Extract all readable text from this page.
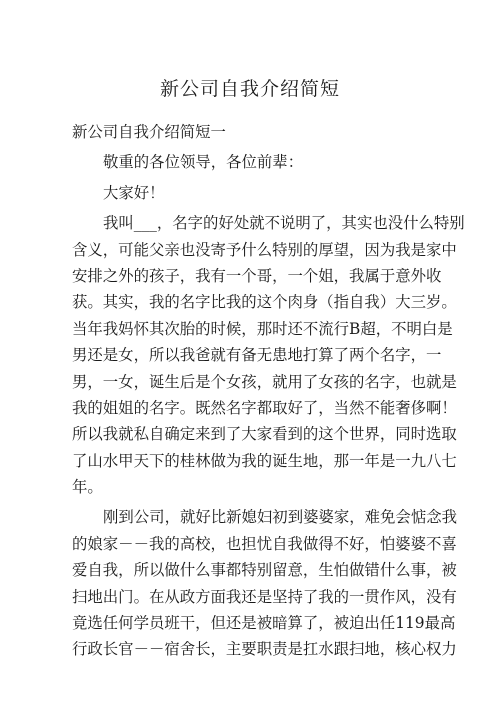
新公司自我介绍简短
新公司自我介绍简短一
敬重的各位领导，各位前辈：
大家好！
我叫___，名字的好处就不说明了，其实也没什么特别
含义，可能父亲也没寄予什么特别的厚望，因为我是家中
安排之外的孩子，我有一个哥，一个姐，我属于意外收
获。其实，我的名字比我的这个肉身（指自我）大三岁。
当年我妈怀其次胎的时候，那时还不流行B超，不明白是
男还是女，所以我爸就有备无患地打算了两个名字，一
男，一女，诞生后是个女孩，就用了女孩的名字，也就是
我的姐姐的名字。既然名字都取好了，当然不能奢侈啊！
所以我就私自确定来到了大家看到的这个世界，同时选取
了山水甲天下的桂林做为我的诞生地，那一年是一九八七
年。
刚到公司，就好比新媳妇初到婆婆家，难免会惦念我
的娘家－－我的高校，也担忧自我做得不好，怕婆婆不喜
爱自我，所以做什么事都特别留意，生怕做错什么事，被
扫地出门。在从政方面我还是坚持了我的一贯作风，没有
竟选任何学员班干，但还是被暗算了，被迫出任119最高
行政长官－－宿舍长，主要职责是扛水跟扫地，核心权力
